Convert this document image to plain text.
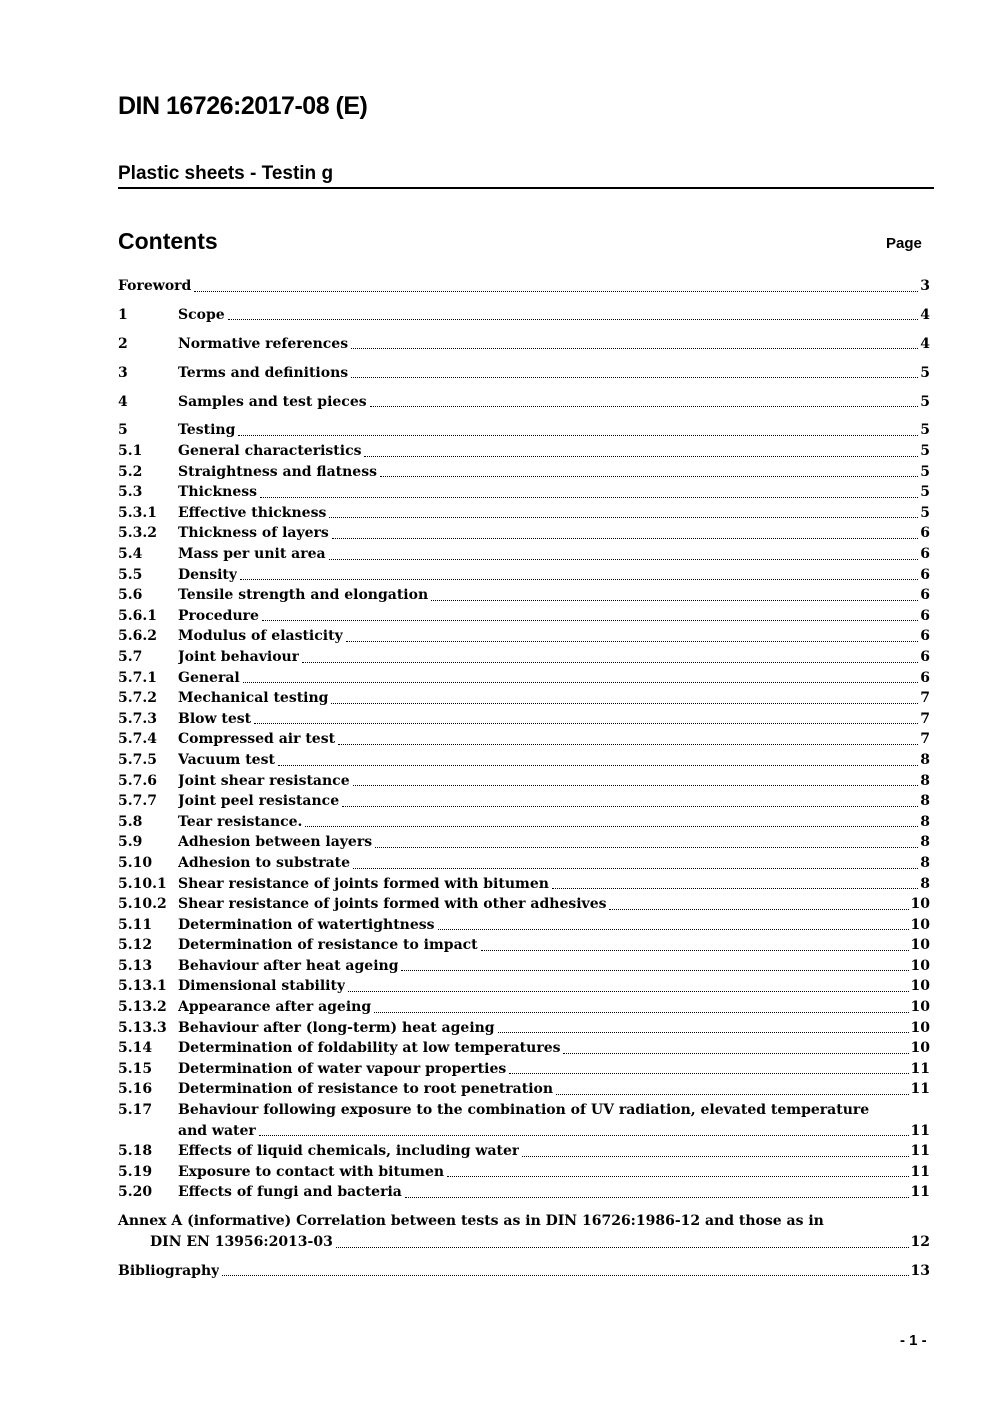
DIN 16726:2017-08 (E)
Plastic sheets - Testin g
Contents	Page
Foreword	3
1	Scope	4
2	Normative references	4
3	Terms and definitions	5
4	Samples and test pieces	5
5	Testing	5
5.1	General characteristics	5
5.2	Straightness and flatness	5
5.3	Thickness	5
5.3.1	Effective thickness	5
5.3.2	Thickness of layers	6
5.4	Mass per unit area	6
5.5	Density	6
5.6	Tensile strength and elongation	6
5.6.1	Procedure	6
5.6.2	Modulus of elasticity	6
5.7	Joint behaviour	6
5.7.1	General	6
5.7.2	Mechanical testing	7
5.7.3	Blow test	7
5.7.4	Compressed air test	7
5.7.5	Vacuum test	8
5.7.6	Joint shear resistance	8
5.7.7	Joint peel resistance	8
5.8	Tear resistance.	8
5.9	Adhesion between layers	8
5.10	Adhesion to substrate	8
5.10.1 Shear resistance of joints formed with bitumen	8
5.10.2 Shear resistance of joints formed with other adhesives	10
5.11	Determination of watertightness	10
5.12	Determination of resistance to impact	10
5.13	Behaviour after heat ageing	10
5.13.1 Dimensional stability	10
5.13.2 Appearance after ageing	10
5.13.3 Behaviour after (long-term) heat ageing	10
5.14	Determination of foldability at low temperatures	10
5.15	Determination of water vapour properties	11
5.16	Determination of resistance to root penetration	11
5.17 Behaviour following exposure to the combination of UV radiation, elevated temperature
and water	11
5.18	Effects of liquid chemicals, including water	11
5.19	Exposure to contact with bitumen	11
5.20	Effects of fungi and bacteria	11
Annex A (informative) Correlation between tests as in DIN 16726:1986-12 and those as in
DIN EN 13956:2013-03	12
Bibliography	13
- 1 -
